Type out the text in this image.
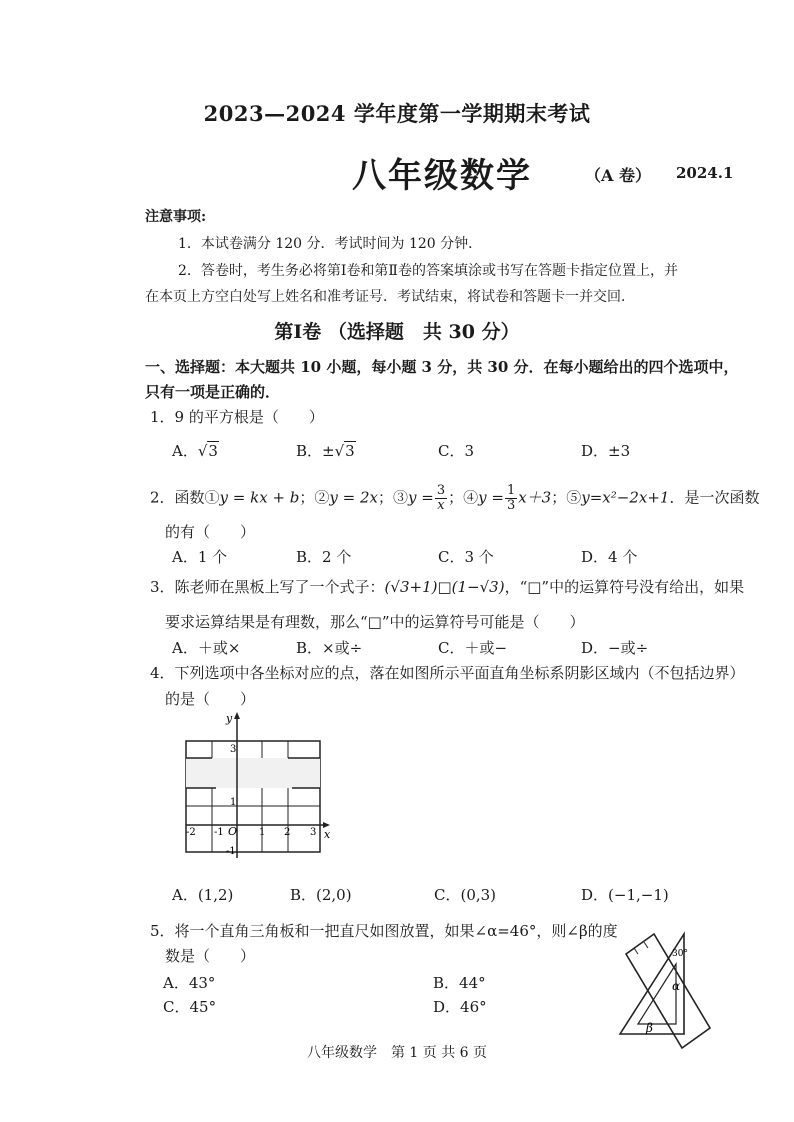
2023—2024 学年度第一学期期末考试
八年级数学	（A 卷） 2024.1
注意事项:
1．本试卷满分 120 分．考试时间为 120 分钟．
2．答卷时，考生务必将第Ⅰ卷和第Ⅱ卷的答案填涂或书写在答题卡指定位置上，并
在本页上方空白处写上姓名和准考证号．考试结束，将试卷和答题卡一并交回．
第Ⅰ卷 （选择题　共 30 分）
一、选择题：本大题共 10 小题，每小题 3 分，共 30 分．在每小题给出的四个选项中，
只有一项是正确的．
1．9 的平方根是（　　）
A．√3	B．±√3	C．3	D．±3
2．函数①y = kx + b；②y = 2x；③y = $\frac{3}{x}$ ；④y = $\frac{1}{3} x+3$；⑤y=x²−2x+1．是一次函数
的有（　　）
A．1 个	B．2 个	C．3 个	D．4 个
3．陈老师在黑板上写了一个式子：(√3+1)□(1−√3)，“□”中的运算符号没有给出，如果
要求运算结果是有理数，那么“□”中的运算符号可能是（　　）
A．＋或×	B．×或÷	C．＋或−	D．−或÷
4．下列选项中各坐标对应的点，落在如图所示平面直角坐标系阴影区域内（不包括边界）
的是（　　）
y
x
O
-2 -1	1 2 3
3
1
-1
A．(1,2)	B．(2,0)	C．(0,3)	D．(−1,−1)
5．将一个直角三角板和一把直尺如图放置，如果∠α=46°，则∠β的度
数是（　　）
A．43°	B．44°
C．45°	D．46°
30°
α
β
八年级数学　第 1 页 共 6 页
